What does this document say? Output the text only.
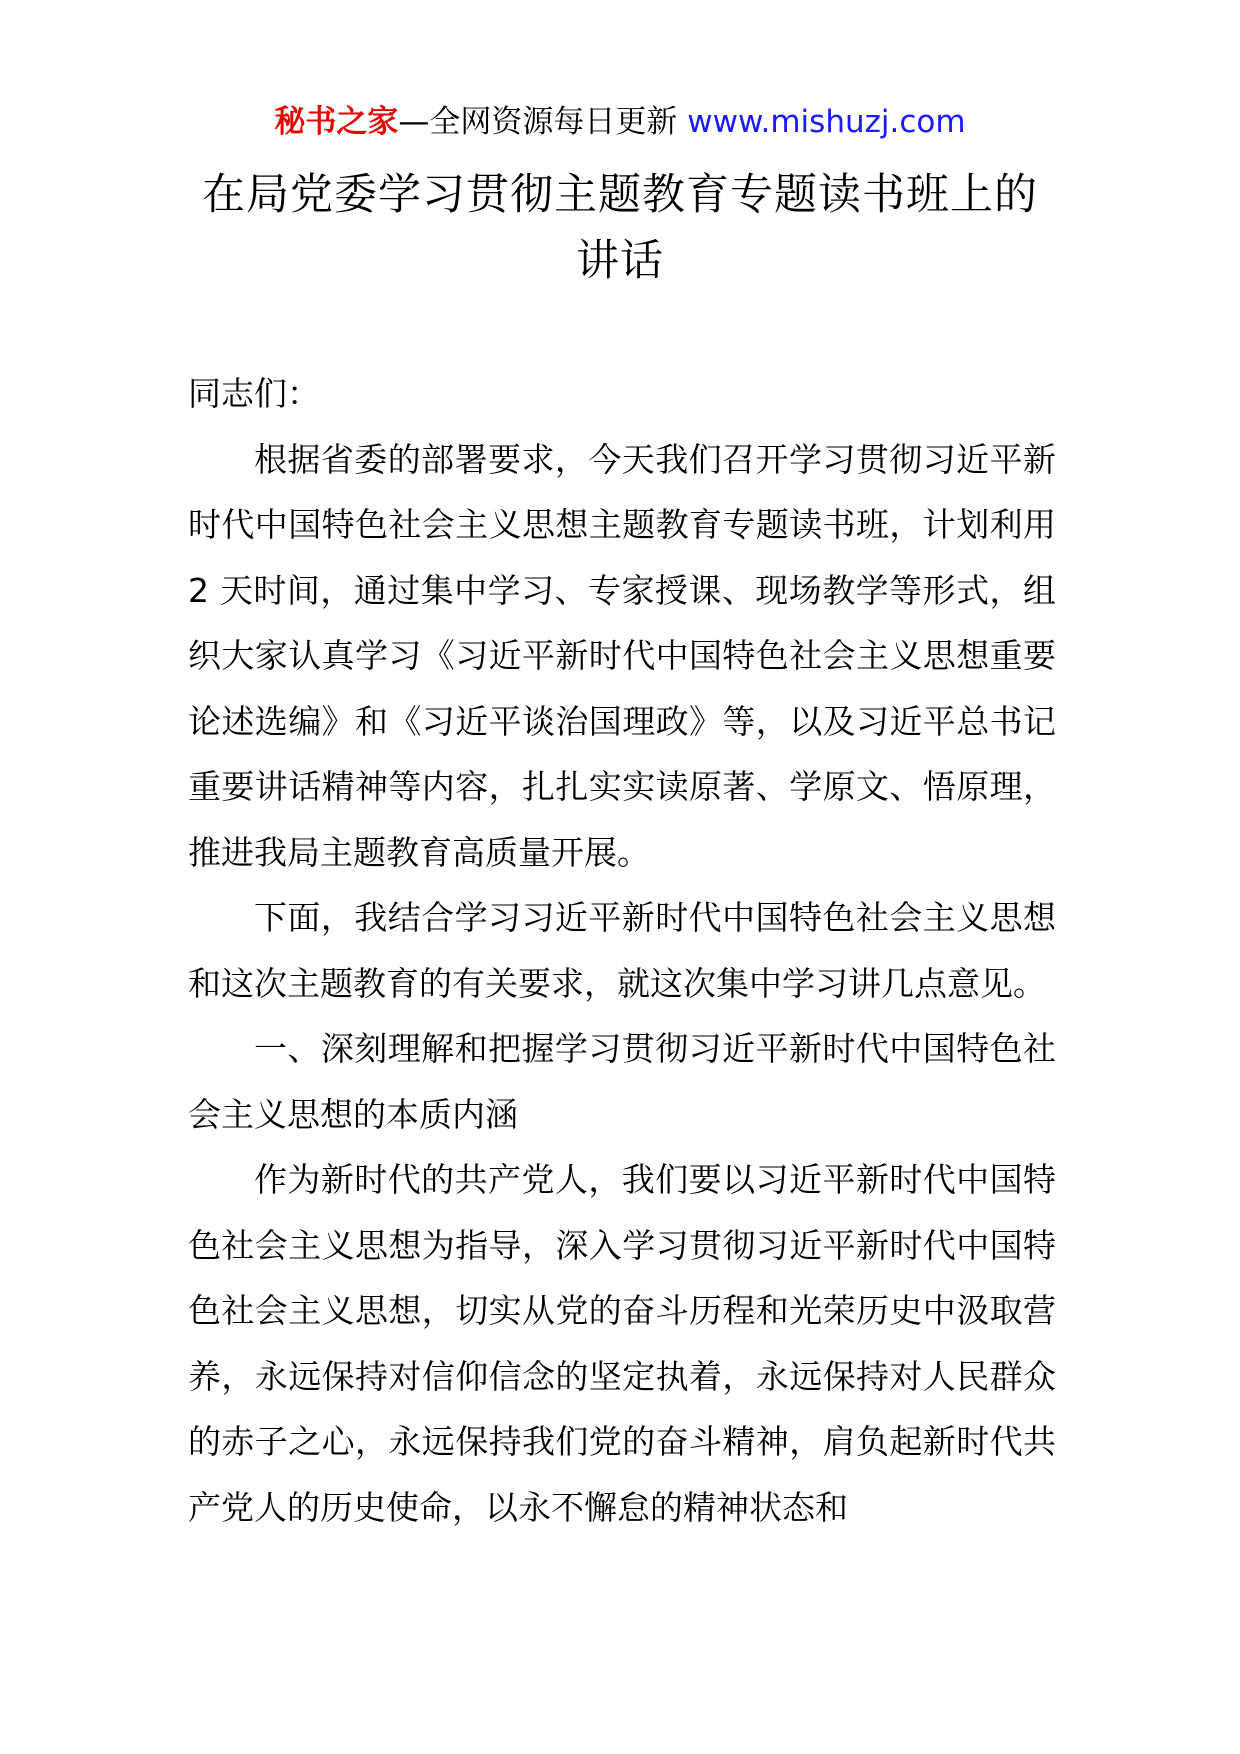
秘书之家—全网资源每日更新 www.mishuzj.com
在局党委学习贯彻主题教育专题读书班上的讲话

同志们：

根据省委的部署要求，今天我们召开学习贯彻习近平新时代中国特色社会主义思想主题教育专题读书班，计划利用 2 天时间，通过集中学习、专家授课、现场教学等形式，组织大家认真学习《习近平新时代中国特色社会主义思想重要论述选编》和《习近平谈治国理政》等，以及习近平总书记重要讲话精神等内容，扎扎实实读原著、学原文、悟原理，推进我局主题教育高质量开展。

下面，我结合学习习近平新时代中国特色社会主义思想和这次主题教育的有关要求，就这次集中学习讲几点意见。

一、深刻理解和把握学习贯彻习近平新时代中国特色社会主义思想的本质内涵

作为新时代的共产党人，我们要以习近平新时代中国特色社会主义思想为指导，深入学习贯彻习近平新时代中国特色社会主义思想，切实从党的奋斗历程和光荣历史中汲取营养，永远保持对信仰信念的坚定执着，永远保持对人民群众的赤子之心，永远保持我们党的奋斗精神，肩负起新时代共产党人的历史使命，以永不懈怠的精神状态和
